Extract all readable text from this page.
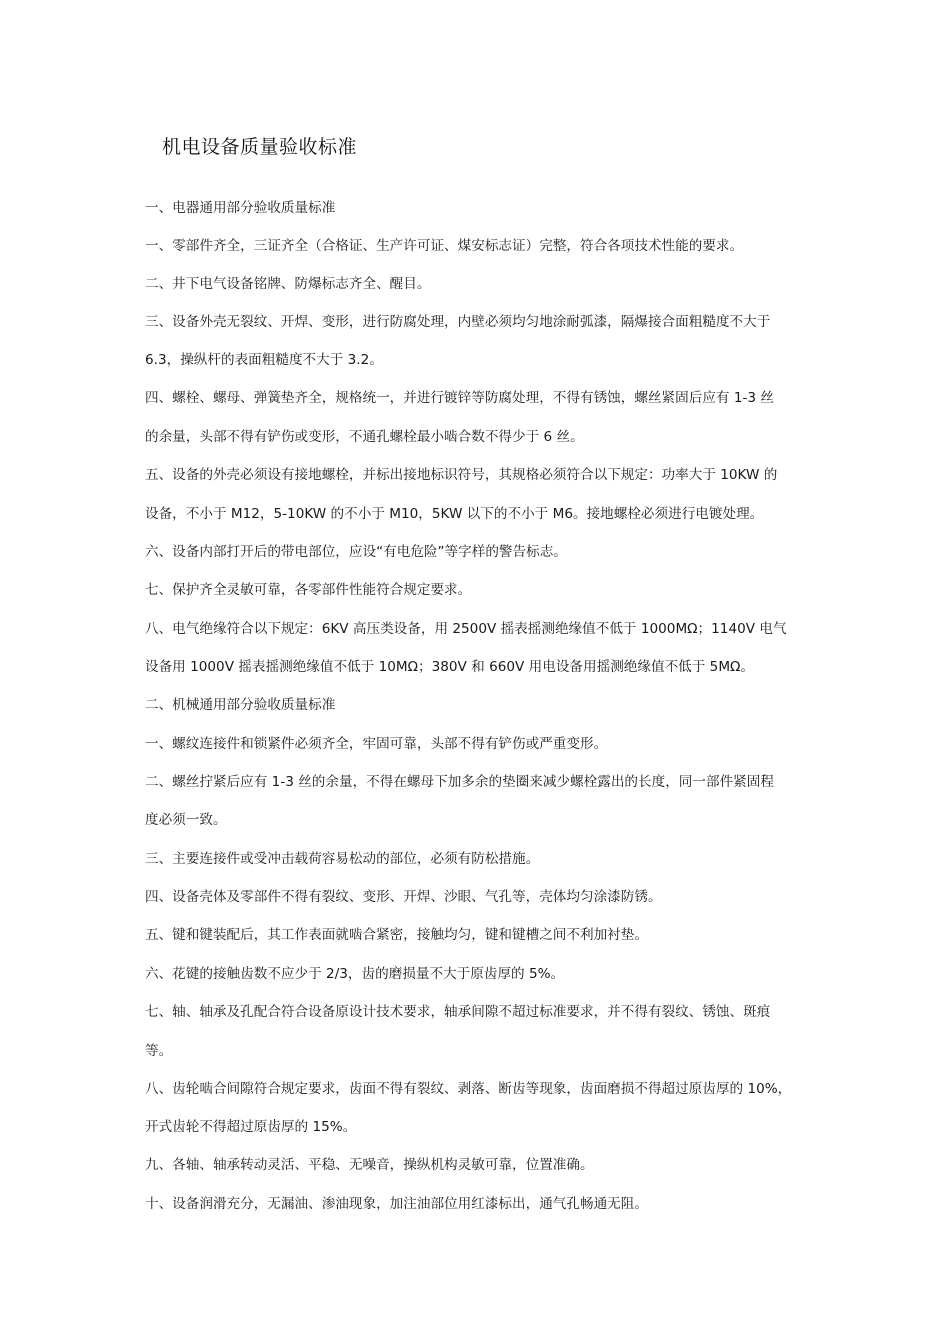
机电设备质量验收标准
一、电器通用部分验收质量标准
一、零部件齐全，三证齐全（合格证、生产许可证、煤安标志证）完整，符合各项技术性能的要求。
二、井下电气设备铭牌、防爆标志齐全、醒目。
三、设备外壳无裂纹、开焊、变形，进行防腐处理，内壁必须均匀地涂耐弧漆，隔爆接合面粗糙度不大于
6.3，操纵杆的表面粗糙度不大于 3.2。
四、螺栓、螺母、弹簧垫齐全，规格统一，并进行镀锌等防腐处理，不得有锈蚀，螺丝紧固后应有 1-3 丝
的余量，头部不得有铲伤或变形，不通孔螺栓最小啮合数不得少于 6 丝。
五、设备的外壳必须设有接地螺栓，并标出接地标识符号，其规格必须符合以下规定：功率大于 10KW 的
设备，不小于 M12，5-10KW 的不小于 M10，5KW 以下的不小于 M6。接地螺栓必须进行电镀处理。
六、设备内部打开后的带电部位，应设“有电危险”等字样的警告标志。
七、保护齐全灵敏可靠，各零部件性能符合规定要求。
八、电气绝缘符合以下规定：6KV 高压类设备，用 2500V 摇表摇测绝缘值不低于 1000MΩ；1140V 电气
设备用 1000V 摇表摇测绝缘值不低于 10MΩ；380V 和 660V 用电设备用摇测绝缘值不低于 5MΩ。
二、机械通用部分验收质量标准
一、螺纹连接件和锁紧件必须齐全，牢固可靠，头部不得有铲伤或严重变形。
二、螺丝拧紧后应有 1-3 丝的余量，不得在螺母下加多余的垫圈来减少螺栓露出的长度，同一部件紧固程
度必须一致。
三、主要连接件或受冲击载荷容易松动的部位，必须有防松措施。
四、设备壳体及零部件不得有裂纹、变形、开焊、沙眼、气孔等，壳体均匀涂漆防锈。
五、键和键装配后，其工作表面就啮合紧密，接触均匀，键和键槽之间不利加衬垫。
六、花键的接触齿数不应少于 2/3，齿的磨损量不大于原齿厚的 5%。
七、轴、轴承及孔配合符合设备原设计技术要求，轴承间隙不超过标准要求，并不得有裂纹、锈蚀、斑痕
等。
八、齿轮啮合间隙符合规定要求，齿面不得有裂纹、剥落、断齿等现象，齿面磨损不得超过原齿厚的 10%，
开式齿轮不得超过原齿厚的 15%。
九、各轴、轴承转动灵活、平稳、无噪音，操纵机构灵敏可靠，位置准确。
十、设备润滑充分，无漏油、渗油现象，加注油部位用红漆标出，通气孔畅通无阻。
